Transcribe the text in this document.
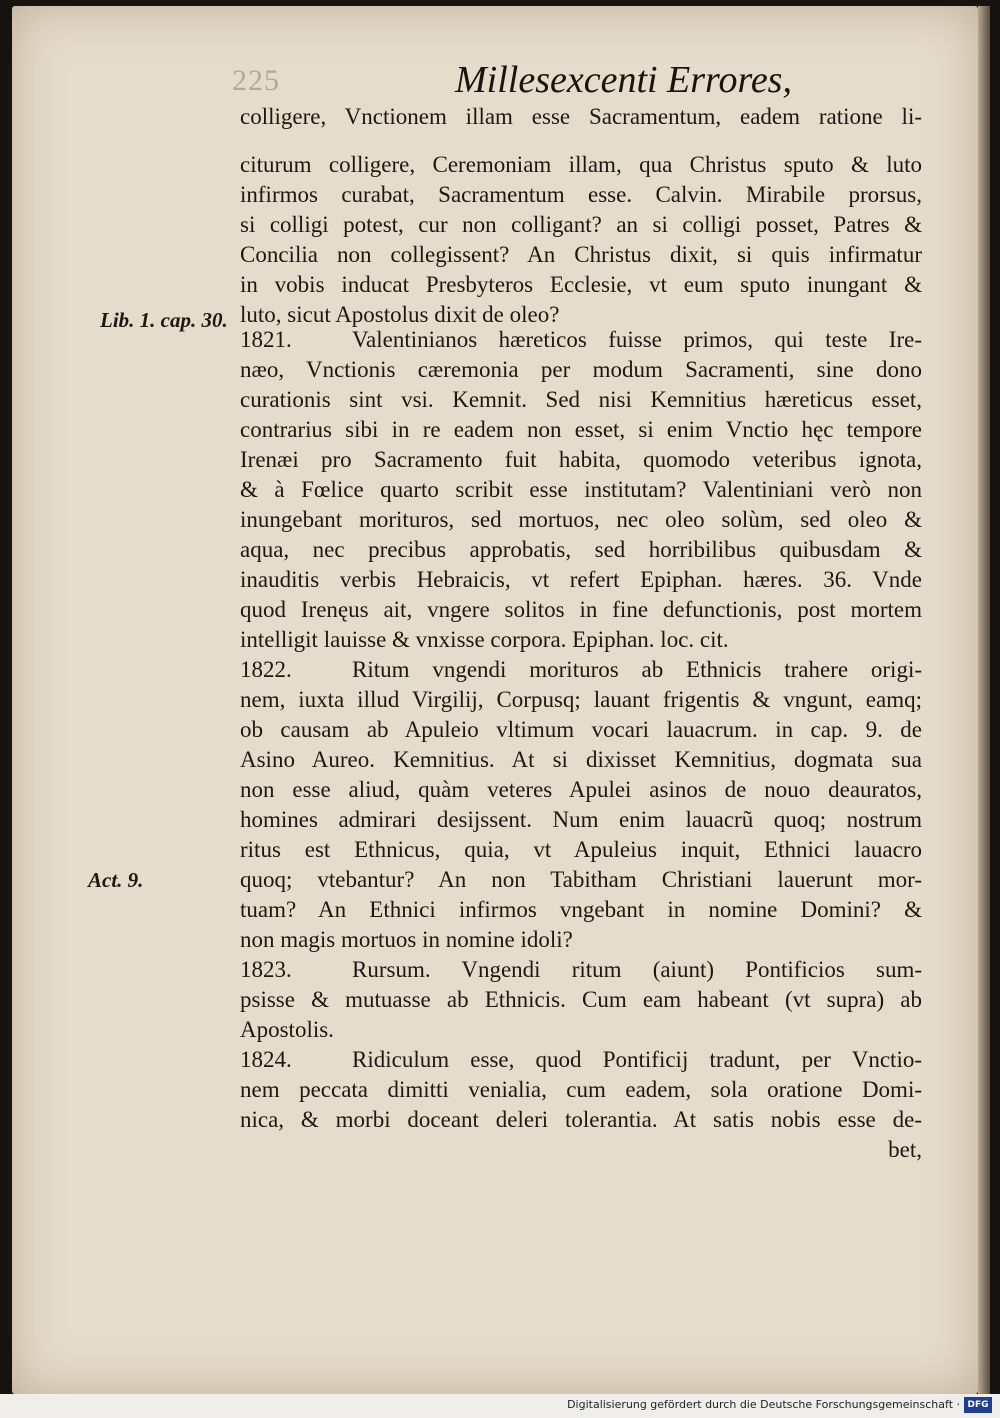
225	Millesexcenti Errores,
Lib. 1. cap. 30.
Act. 9.
colligere, Vnctionem illam esse Sacramentum, eadem ratione li-
citurum colligere, Ceremoniam illam, qua Christus sputo & luto
infirmos curabat, Sacramentum esse. Calvin. Mirabile prorsus,
si colligi potest, cur non colligant? an si colligi posset, Patres &
Concilia non collegissent? An Christus dixit, si quis infirmatur
in vobis inducat Presbyteros Ecclesie, vt eum sputo inungant &
luto, sicut Apostolus dixit de oleo?
1821.	Valentinianos hæreticos fuisse primos, qui teste Ire-
næo, Vnctionis cæremonia per modum Sacramenti, sine dono
curationis sint vsi. Kemnit. Sed nisi Kemnitius hæreticus esset,
contrarius sibi in re eadem non esset, si enim Vnctio hęc tempore
Irenæi pro Sacramento fuit habita, quomodo veteribus ignota,
& à Fœlice quarto scribit esse institutam? Valentiniani verò non
inungebant morituros, sed mortuos, nec oleo solùm, sed oleo &
aqua, nec precibus approbatis, sed horribilibus quibusdam &
inauditis verbis Hebraicis, vt refert Epiphan. hæres. 36. Vnde
quod Irenęus ait, vngere solitos in fine defunctionis, post mortem
intelligit lauisse & vnxisse corpora. Epiphan. loc. cit.
1822.	Ritum vngendi morituros ab Ethnicis trahere origi-
nem, iuxta illud Virgilij, Corpusq; lauant frigentis & vngunt, eamq;
ob causam ab Apuleio vltimum vocari lauacrum. in cap. 9. de
Asino Aureo. Kemnitius. At si dixisset Kemnitius, dogmata sua
non esse aliud, quàm veteres Apulei asinos de nouo deauratos,
homines admirari desijssent. Num enim lauacrũ quoq; nostrum
ritus est Ethnicus, quia, vt Apuleius inquit, Ethnici lauacro
quoq; vtebantur? An non Tabitham Christiani lauerunt mor-
tuam? An Ethnici infirmos vngebant in nomine Domini? &
non magis mortuos in nomine idoli?
1823.	Rursum. Vngendi ritum (aiunt) Pontificios sum-
psisse & mutuasse ab Ethnicis. Cum eam habeant (vt supra) ab
Apostolis.
1824.	Ridiculum esse, quod Pontificij tradunt, per Vnctio-
nem peccata dimitti venialia, cum eadem, sola oratione Domi-
nica, & morbi doceant deleri tolerantia. At satis nobis esse de-
bet,
Digitalisierung gefördert durch die Deutsche Forschungsgemeinschaft · DFG
